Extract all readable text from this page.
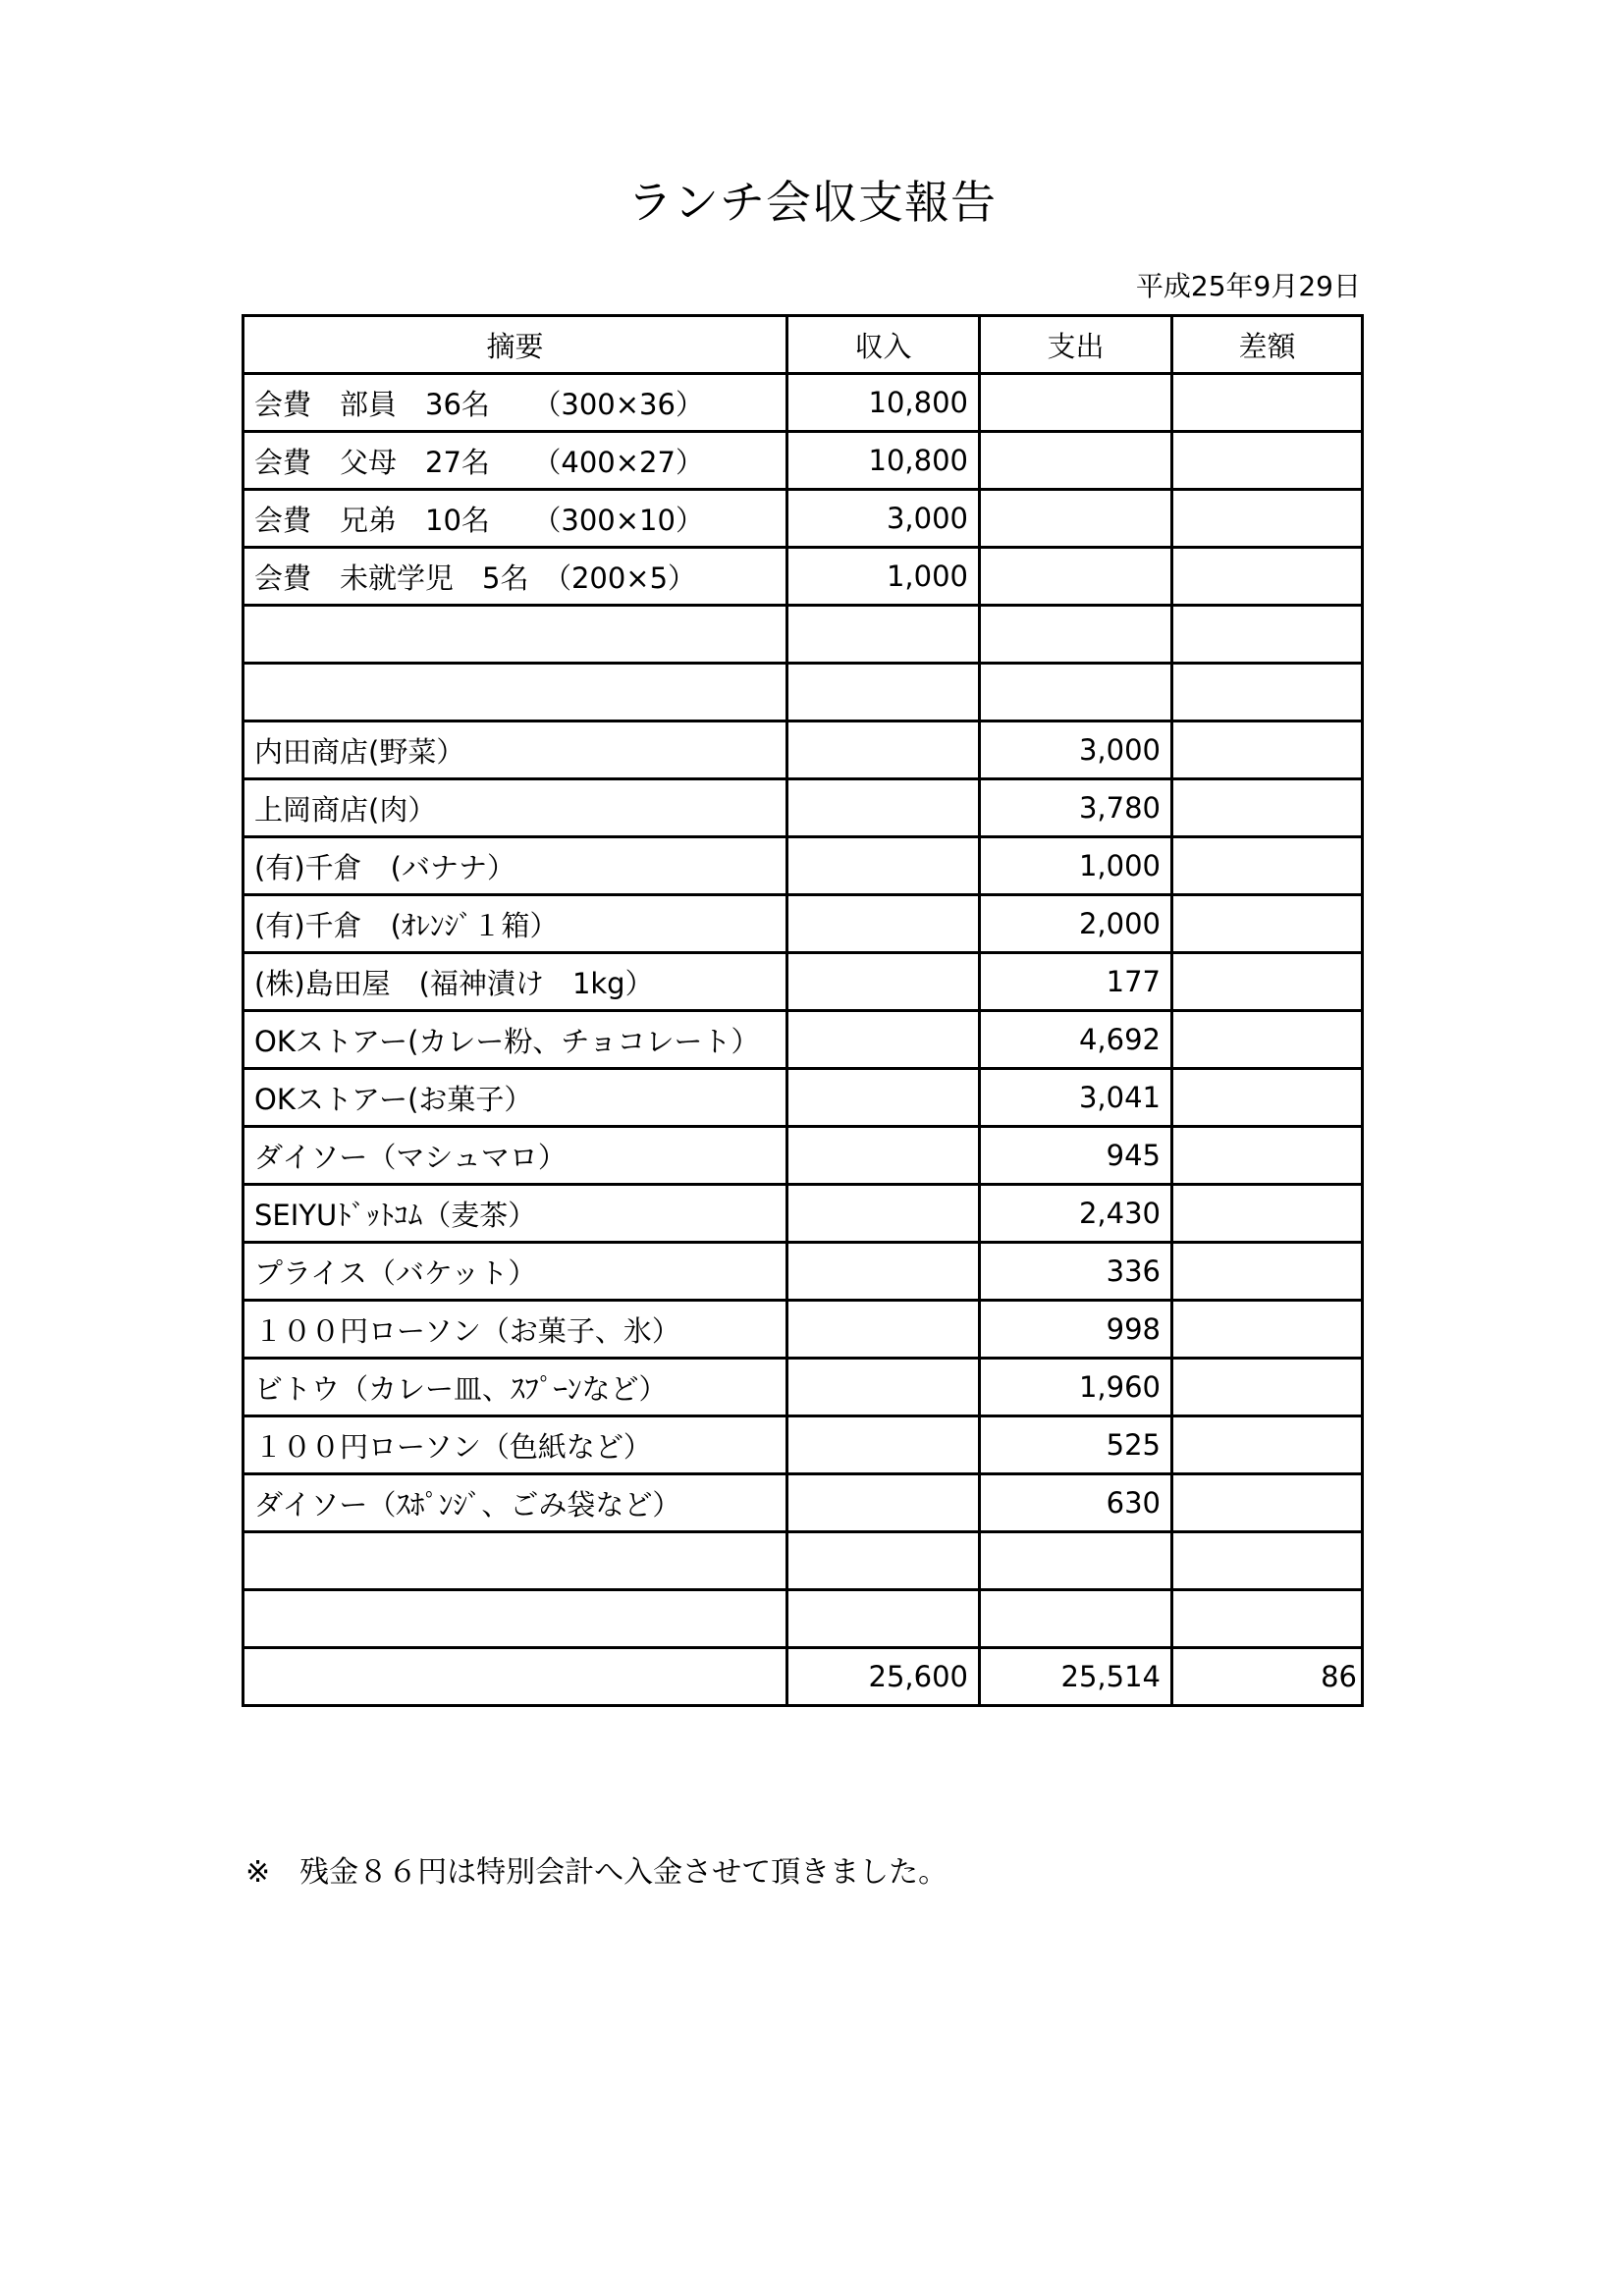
ランチ会収支報告
平成25年9月29日
摘要	収入	支出	差額
会費　部員　36名　　（300×36）	10,800		
会費　父母　27名　　（400×27）	10,800		
会費　兄弟　10名　　（300×10）	3,000		
会費　未就学児　5名　（200×5）	1,000		

内田商店(野菜）		3,000	
上岡商店(肉）		3,780	
(有)千倉　(バナナ）		1,000	
(有)千倉　(ｵﾚﾝｼﾞ１箱）		2,000	
(株)島田屋　(福神漬け　1kg）		177	
OKストアー(カレー粉、チョコレート）		4,692	
OKストアー(お菓子）		3,041	
ダイソー（マシュマロ）		945	
SEIYUﾄﾞｯﾄｺﾑ（麦茶）		2,430	
プライス（バケット）		336	
１００円ローソン（お菓子、氷）		998	
ビトウ（カレー皿、ｽﾌﾟｰﾝなど）		1,960	
１００円ローソン（色紙など）		525	
ダイソー（ｽﾎﾟﾝｼﾞ、ごみ袋など）		630	

	25,600	25,514	86
※　残金８６円は特別会計へ入金させて頂きました。
